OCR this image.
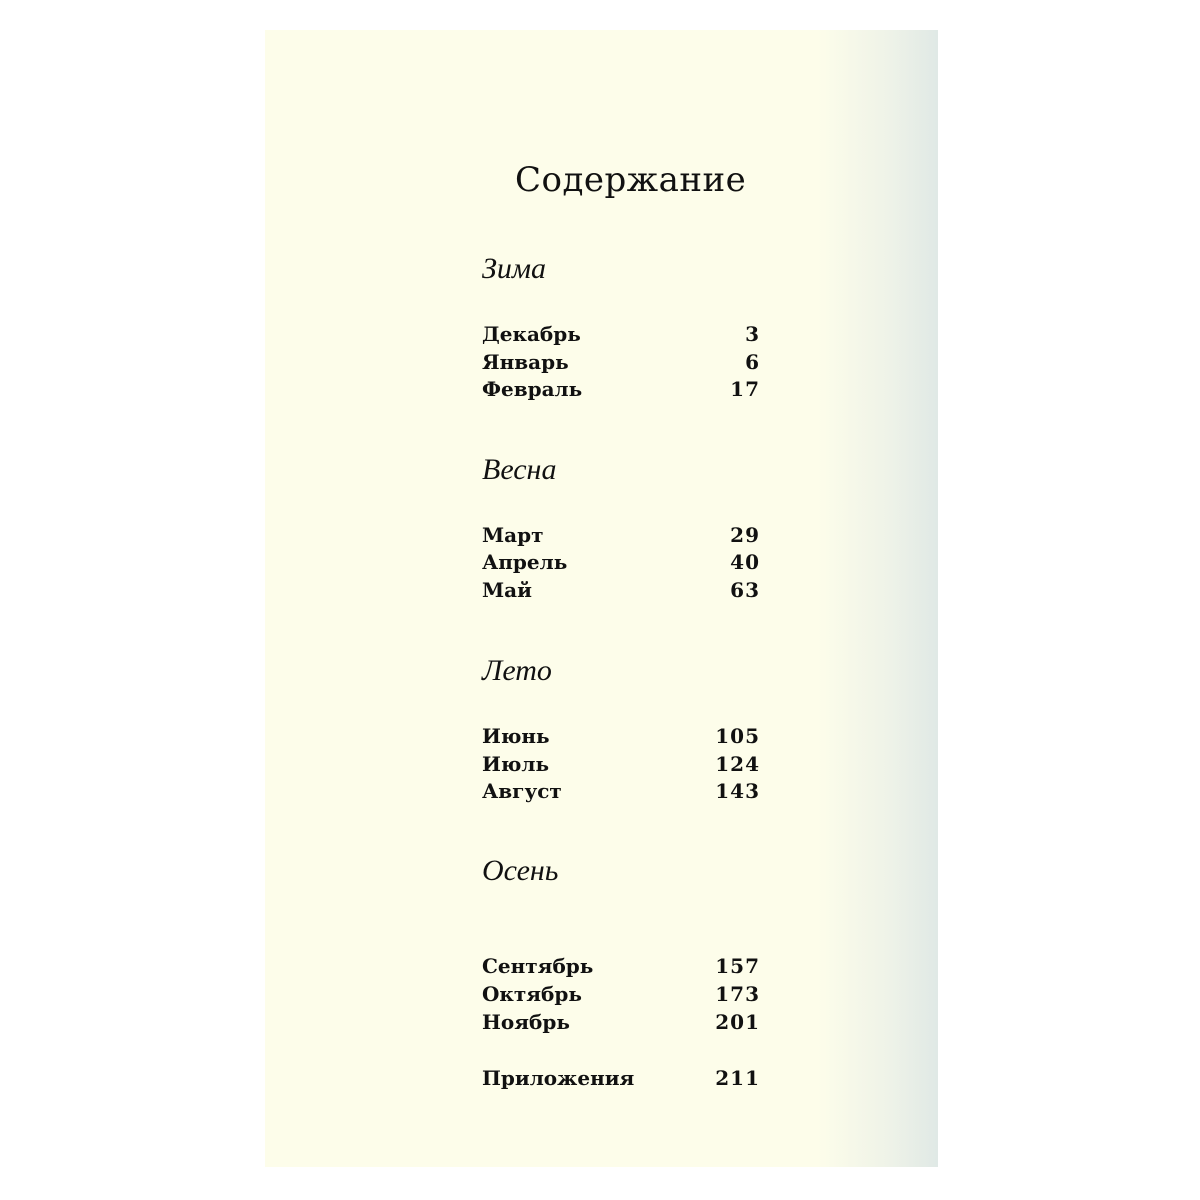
Содержание
Зима
Декабрь	3
Январь	6
Февраль	17
Весна
Март	29
Апрель	40
Май	63
Лето
Июнь	105
Июль	124
Август	143
Осень
Сентябрь	157
Октябрь	173
Ноябрь	201
Приложения	211
